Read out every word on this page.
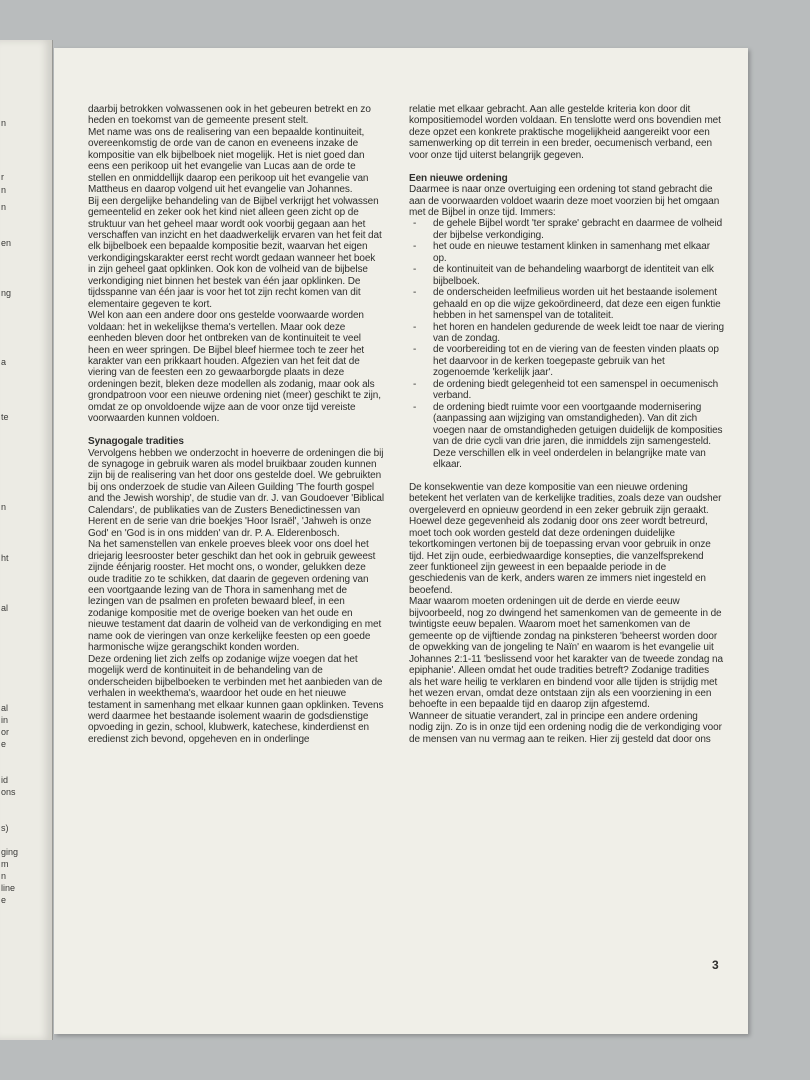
n
r
n
n
en
ng
a
te
n
ht
al
al
in
or
e
id
ons
s)
ging
m
n
line
e

daarbij betrokken volwassenen ook in het gebeuren betrekt en zo heden en toekomst van de gemeente present stelt.

Met name was ons de realisering van een bepaalde kontinuiteit, overeenkomstig de orde van de canon en eveneens inzake de kompositie van elk bijbelboek niet mogelijk. Het is niet goed dan eens een perikoop uit het evangelie van Lucas aan de orde te stellen en onmiddellijk daarop een perikoop uit het evangelie van Mattheus en daarop volgend uit het evangelie van Johannes.

Bij een dergelijke behandeling van de Bijbel verkrijgt het volwassen gemeentelid en zeker ook het kind niet alleen geen zicht op de struktuur van het geheel maar wordt ook voorbij gegaan aan het verschaffen van inzicht en het daadwerkelijk ervaren van het feit dat elk bijbelboek een bepaalde kompositie bezit, waarvan het eigen verkondigingskarakter eerst recht wordt gedaan wanneer het boek in zijn geheel gaat opklinken. Ook kon de volheid van de bijbelse verkondiging niet binnen het bestek van één jaar opklinken. De tijdsspanne van één jaar is voor het tot zijn recht komen van dit elementaire gegeven te kort.

Wel kon aan een andere door ons gestelde voorwaarde worden voldaan: het in wekelijkse thema's vertellen. Maar ook deze eenheden bleven door het ontbreken van de kontinuiteit te veel heen en weer springen. De Bijbel bleef hiermee toch te zeer het karakter van een prikkaart houden. Afgezien van het feit dat de viering van de feesten een zo gewaarborgde plaats in deze ordeningen bezit, bleken deze modellen als zodanig, maar ook als grondpatroon voor een nieuwe ordening niet (meer) geschikt te zijn, omdat ze op onvoldoende wijze aan de voor onze tijd vereiste voorwaarden kunnen voldoen.

Synagogale tradities

Vervolgens hebben we onderzocht in hoeverre de ordeningen die bij de synagoge in gebruik waren als model bruikbaar zouden kunnen zijn bij de realisering van het door ons gestelde doel. We gebruikten bij ons onderzoek de studie van Aileen Guilding 'The fourth gospel and the Jewish worship', de studie van dr. J. van Goudoever 'Biblical Calendars', de publikaties van de Zusters Benedictinessen van Herent en de serie van drie boekjes 'Hoor Israël', 'Jahweh is onze God' en 'God is in ons midden' van dr. P. A. Elderenbosch.

Na het samenstellen van enkele proeves bleek voor ons doel het driejarig leesrooster beter geschikt dan het ook in gebruik geweest zijnde éénjarig rooster. Het mocht ons, o wonder, gelukken deze oude traditie zo te schikken, dat daarin de gegeven ordening van een voortgaande lezing van de Thora in samenhang met de lezingen van de psalmen en profeten bewaard bleef, in een zodanige kompositie met de overige boeken van het oude en nieuwe testament dat daarin de volheid van de verkondiging en met name ook de vieringen van onze kerkelijke feesten op een goede harmonische wijze gerangschikt konden worden.

Deze ordening liet zich zelfs op zodanige wijze voegen dat het mogelijk werd de kontinuiteit in de behandeling van de onderscheiden bijbelboeken te verbinden met het aanbieden van de verhalen in weekthema's, waardoor het oude en het nieuwe testament in samenhang met elkaar kunnen gaan opklinken. Tevens werd daarmee het bestaande isolement waarin de godsdienstige opvoeding in gezin, school, klubwerk, katechese, kinderdienst en eredienst zich bevond, opgeheven en in onderlinge

relatie met elkaar gebracht. Aan alle gestelde kriteria kon door dit kompositiemodel worden voldaan. En tenslotte werd ons bovendien met deze opzet een konkrete praktische mogelijkheid aangereikt voor een samenwerking op dit terrein in een breder, oecumenisch verband, een voor onze tijd uiterst belangrijk gegeven.

Een nieuwe ordening

Daarmee is naar onze overtuiging een ordening tot stand gebracht die aan de voorwaarden voldoet waarin deze moet voorzien bij het omgaan met de Bijbel in onze tijd. Immers:

- de gehele Bijbel wordt 'ter sprake' gebracht en daarmee de volheid der bijbelse verkondiging.
- het oude en nieuwe testament klinken in samenhang met elkaar op.
- de kontinuiteit van de behandeling waarborgt de identiteit van elk bijbelboek.
- de onderscheiden leefmilieus worden uit het bestaande isolement gehaald en op die wijze gekoördineerd, dat deze een eigen funktie hebben in het samenspel van de totaliteit.
- het horen en handelen gedurende de week leidt toe naar de viering van de zondag.
- de voorbereiding tot en de viering van de feesten vinden plaats op het daarvoor in de kerken toegepaste gebruik van het zogenoemde 'kerkelijk jaar'.
- de ordening biedt gelegenheid tot een samenspel in oecumenisch verband.
- de ordening biedt ruimte voor een voortgaande modernisering (aanpassing aan wijziging van omstandigheden). Van dit zich voegen naar de omstandigheden getuigen duidelijk de komposities van de drie cycli van drie jaren, die inmiddels zijn samengesteld. Deze verschillen elk in veel onderdelen in belangrijke mate van elkaar.

De konsekwentie van deze kompositie van een nieuwe ordening betekent het verlaten van de kerkelijke tradities, zoals deze van oudsher overgeleverd en opnieuw geordend in een zeker gebruik zijn geraakt. Hoewel deze gegevenheid als zodanig door ons zeer wordt betreurd, moet toch ook worden gesteld dat deze ordeningen duidelijke tekortkomingen vertonen bij de toepassing ervan voor gebruik in onze tijd. Het zijn oude, eerbiedwaardige konsepties, die vanzelfsprekend zeer funktioneel zijn geweest in een bepaalde periode in de geschiedenis van de kerk, anders waren ze immers niet ingesteld en beoefend.

Maar waarom moeten ordeningen uit de derde en vierde eeuw bijvoorbeeld, nog zo dwingend het samenkomen van de gemeente in de twintigste eeuw bepalen. Waarom moet het samenkomen van de gemeente op de vijftiende zondag na pinksteren 'beheerst worden door de opwekking van de jongeling te Naïn' en waarom is het evangelie uit Johannes 2:1-11 'beslissend voor het karakter van de tweede zondag na epiphanie'. Alleen omdat het oude tradities betreft? Zodanige tradities als het ware heilig te verklaren en bindend voor alle tijden is strijdig met het wezen ervan, omdat deze ontstaan zijn als een voorziening in een behoefte in een bepaalde tijd en daarop zijn afgestemd.

Wanneer de situatie verandert, zal in principe een andere ordening nodig zijn. Zo is in onze tijd een ordening nodig die de verkondiging voor de mensen van nu vermag aan te reiken. Hier zij gesteld dat door ons

3
